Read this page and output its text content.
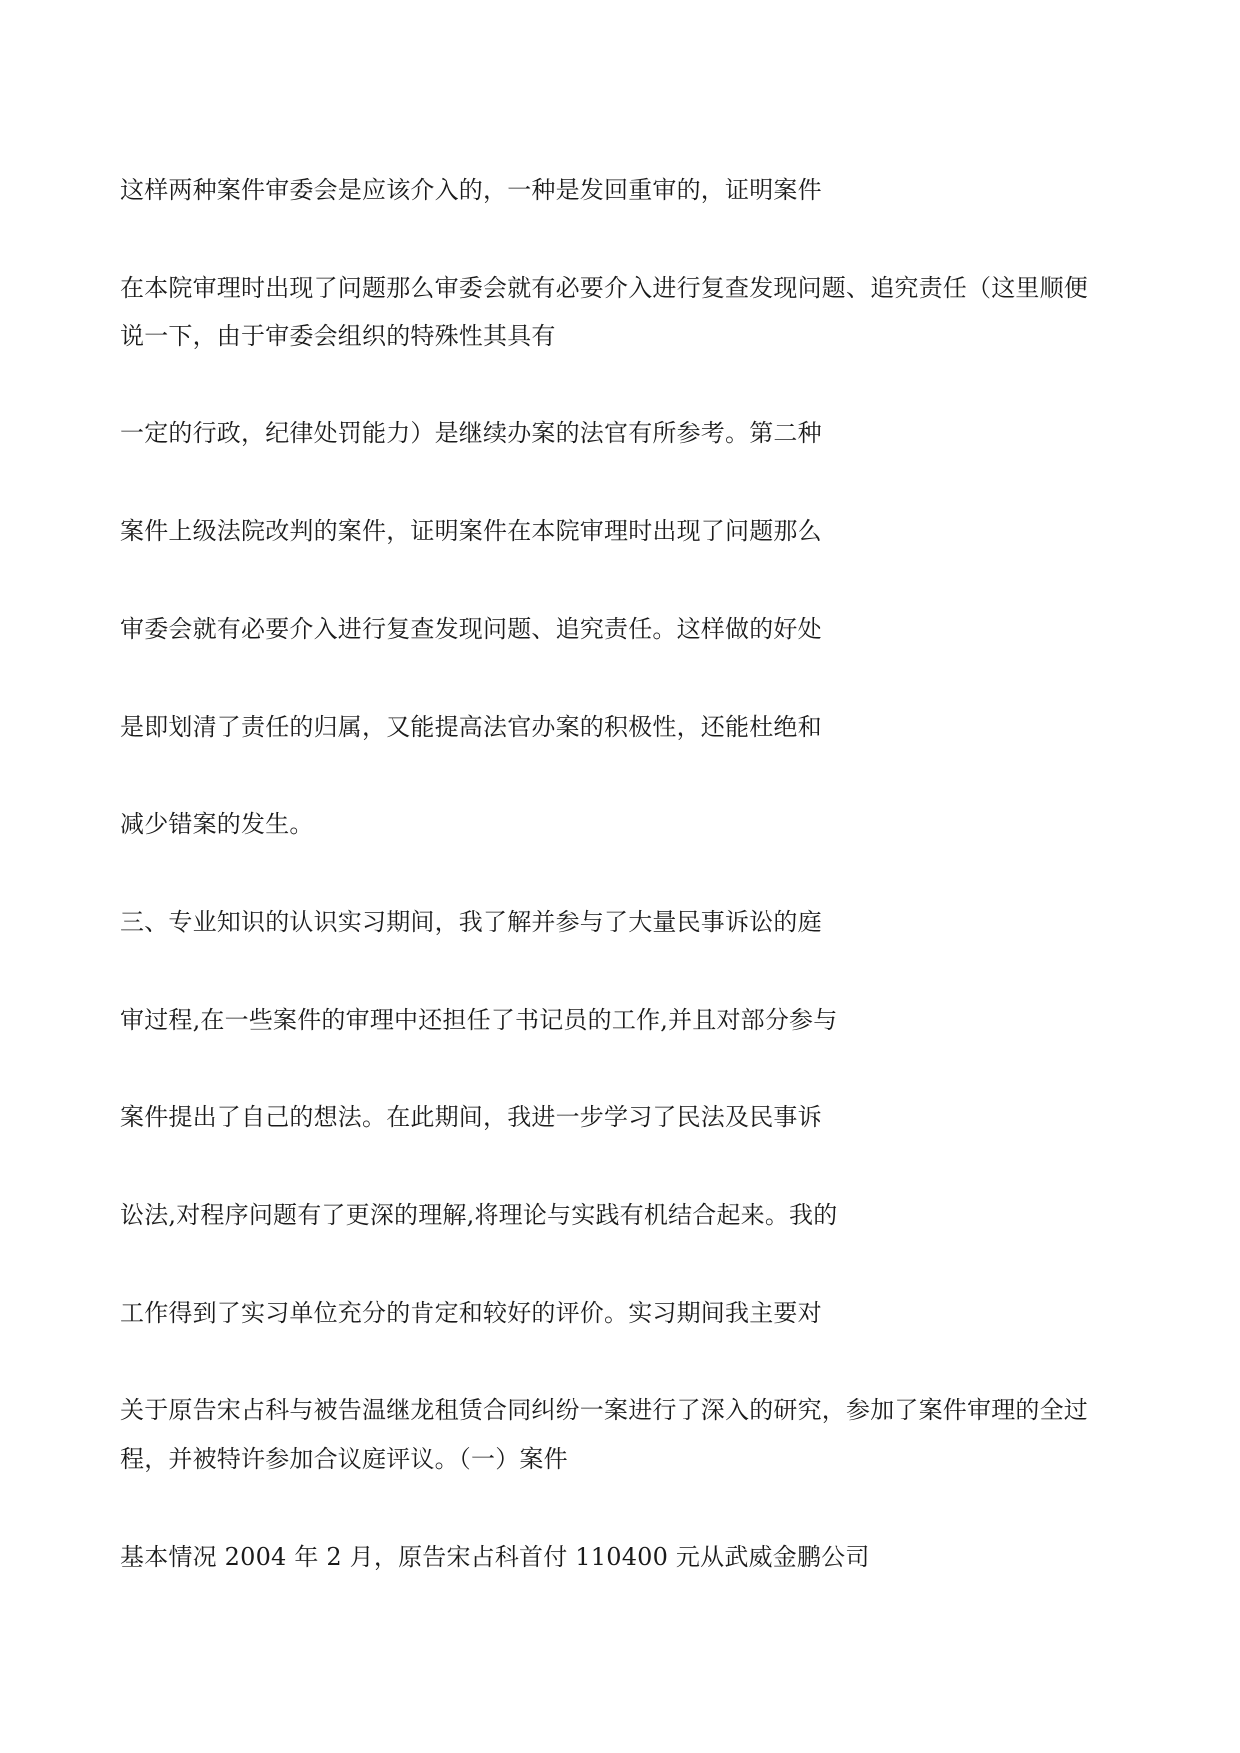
这样两种案件审委会是应该介入的，一种是发回重审的，证明案件
在本院审理时出现了问题那么审委会就有必要介入进行复查发现问题、追究责任（这里顺便
说一下，由于审委会组织的特殊性其具有
一定的行政，纪律处罚能力）是继续办案的法官有所参考。第二种
案件上级法院改判的案件，证明案件在本院审理时出现了问题那么
审委会就有必要介入进行复查发现问题、追究责任。这样做的好处
是即划清了责任的归属，又能提高法官办案的积极性，还能杜绝和
减少错案的发生。
三、专业知识的认识实习期间，我了解并参与了大量民事诉讼的庭
审过程,在一些案件的审理中还担任了书记员的工作,并且对部分参与
案件提出了自己的想法。在此期间，我进一步学习了民法及民事诉
讼法,对程序问题有了更深的理解,将理论与实践有机结合起来。我的
工作得到了实习单位充分的肯定和较好的评价。实习期间我主要对
关于原告宋占科与被告温继龙租赁合同纠纷一案进行了深入的研究，参加了案件审理的全过
程，并被特许参加合议庭评议。（一）案件
基本情况 2004 年 2 月，原告宋占科首付 110400 元从武威金鹏公司
